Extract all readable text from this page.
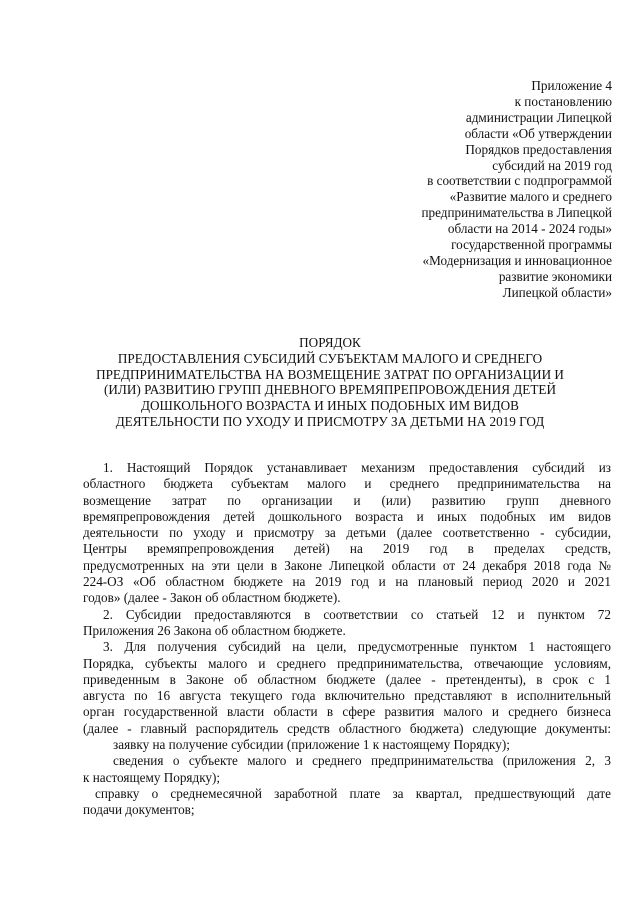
Приложение 4
к постановлению
администрации Липецкой
области «Об утверждении
Порядков предоставления
субсидий на 2019 год
в соответствии с подпрограммой
«Развитие малого и среднего
предпринимательства в Липецкой
области на 2014 - 2024 годы»
государственной программы
«Модернизация и инновационное
развитие экономики
Липецкой области»
ПОРЯДОК
ПРЕДОСТАВЛЕНИЯ СУБСИДИЙ СУБЪЕКТАМ МАЛОГО И СРЕДНЕГО
ПРЕДПРИНИМАТЕЛЬСТВА НА ВОЗМЕЩЕНИЕ ЗАТРАТ ПО ОРГАНИЗАЦИИ И
(ИЛИ) РАЗВИТИЮ ГРУПП ДНЕВНОГО ВРЕМЯПРЕПРОВОЖДЕНИЯ ДЕТЕЙ
ДОШКОЛЬНОГО ВОЗРАСТА И ИНЫХ ПОДОБНЫХ ИМ ВИДОВ
ДЕЯТЕЛЬНОСТИ ПО УХОДУ И ПРИСМОТРУ ЗА ДЕТЬМИ НА 2019 ГОД
1. Настоящий Порядок устанавливает механизм предоставления субсидий из
областного бюджета субъектам малого и среднего предпринимательства на
возмещение затрат по организации и (или) развитию групп дневного
времяпрепровождения детей дошкольного возраста и иных подобных им видов
деятельности по уходу и присмотру за детьми (далее соответственно - субсидии,
Центры времяпрепровождения детей) на 2019 год в пределах средств,
предусмотренных на эти цели в Законе Липецкой области от 24 декабря 2018 года №
224-ОЗ «Об областном бюджете на 2019 год и на плановый период 2020 и 2021
годов» (далее - Закон об областном бюджете).
2. Субсидии предоставляются в соответствии со статьей 12 и пунктом 72
Приложения 26 Закона об областном бюджете.
3. Для получения субсидий на цели, предусмотренные пунктом 1 настоящего
Порядка, субъекты малого и среднего предпринимательства, отвечающие условиям,
приведенным в Законе об областном бюджете (далее - претенденты), в срок с 1
августа по 16 августа текущего года включительно представляют в исполнительный
орган государственной власти области в сфере развития малого и среднего бизнеса
(далее - главный распорядитель средств областного бюджета) следующие документы:
заявку на получение субсидии (приложение 1 к настоящему Порядку);
сведения о субъекте малого и среднего предпринимательства (приложения 2, 3
к настоящему Порядку);
справку о среднемесячной заработной плате за квартал, предшествующий дате
подачи документов;
